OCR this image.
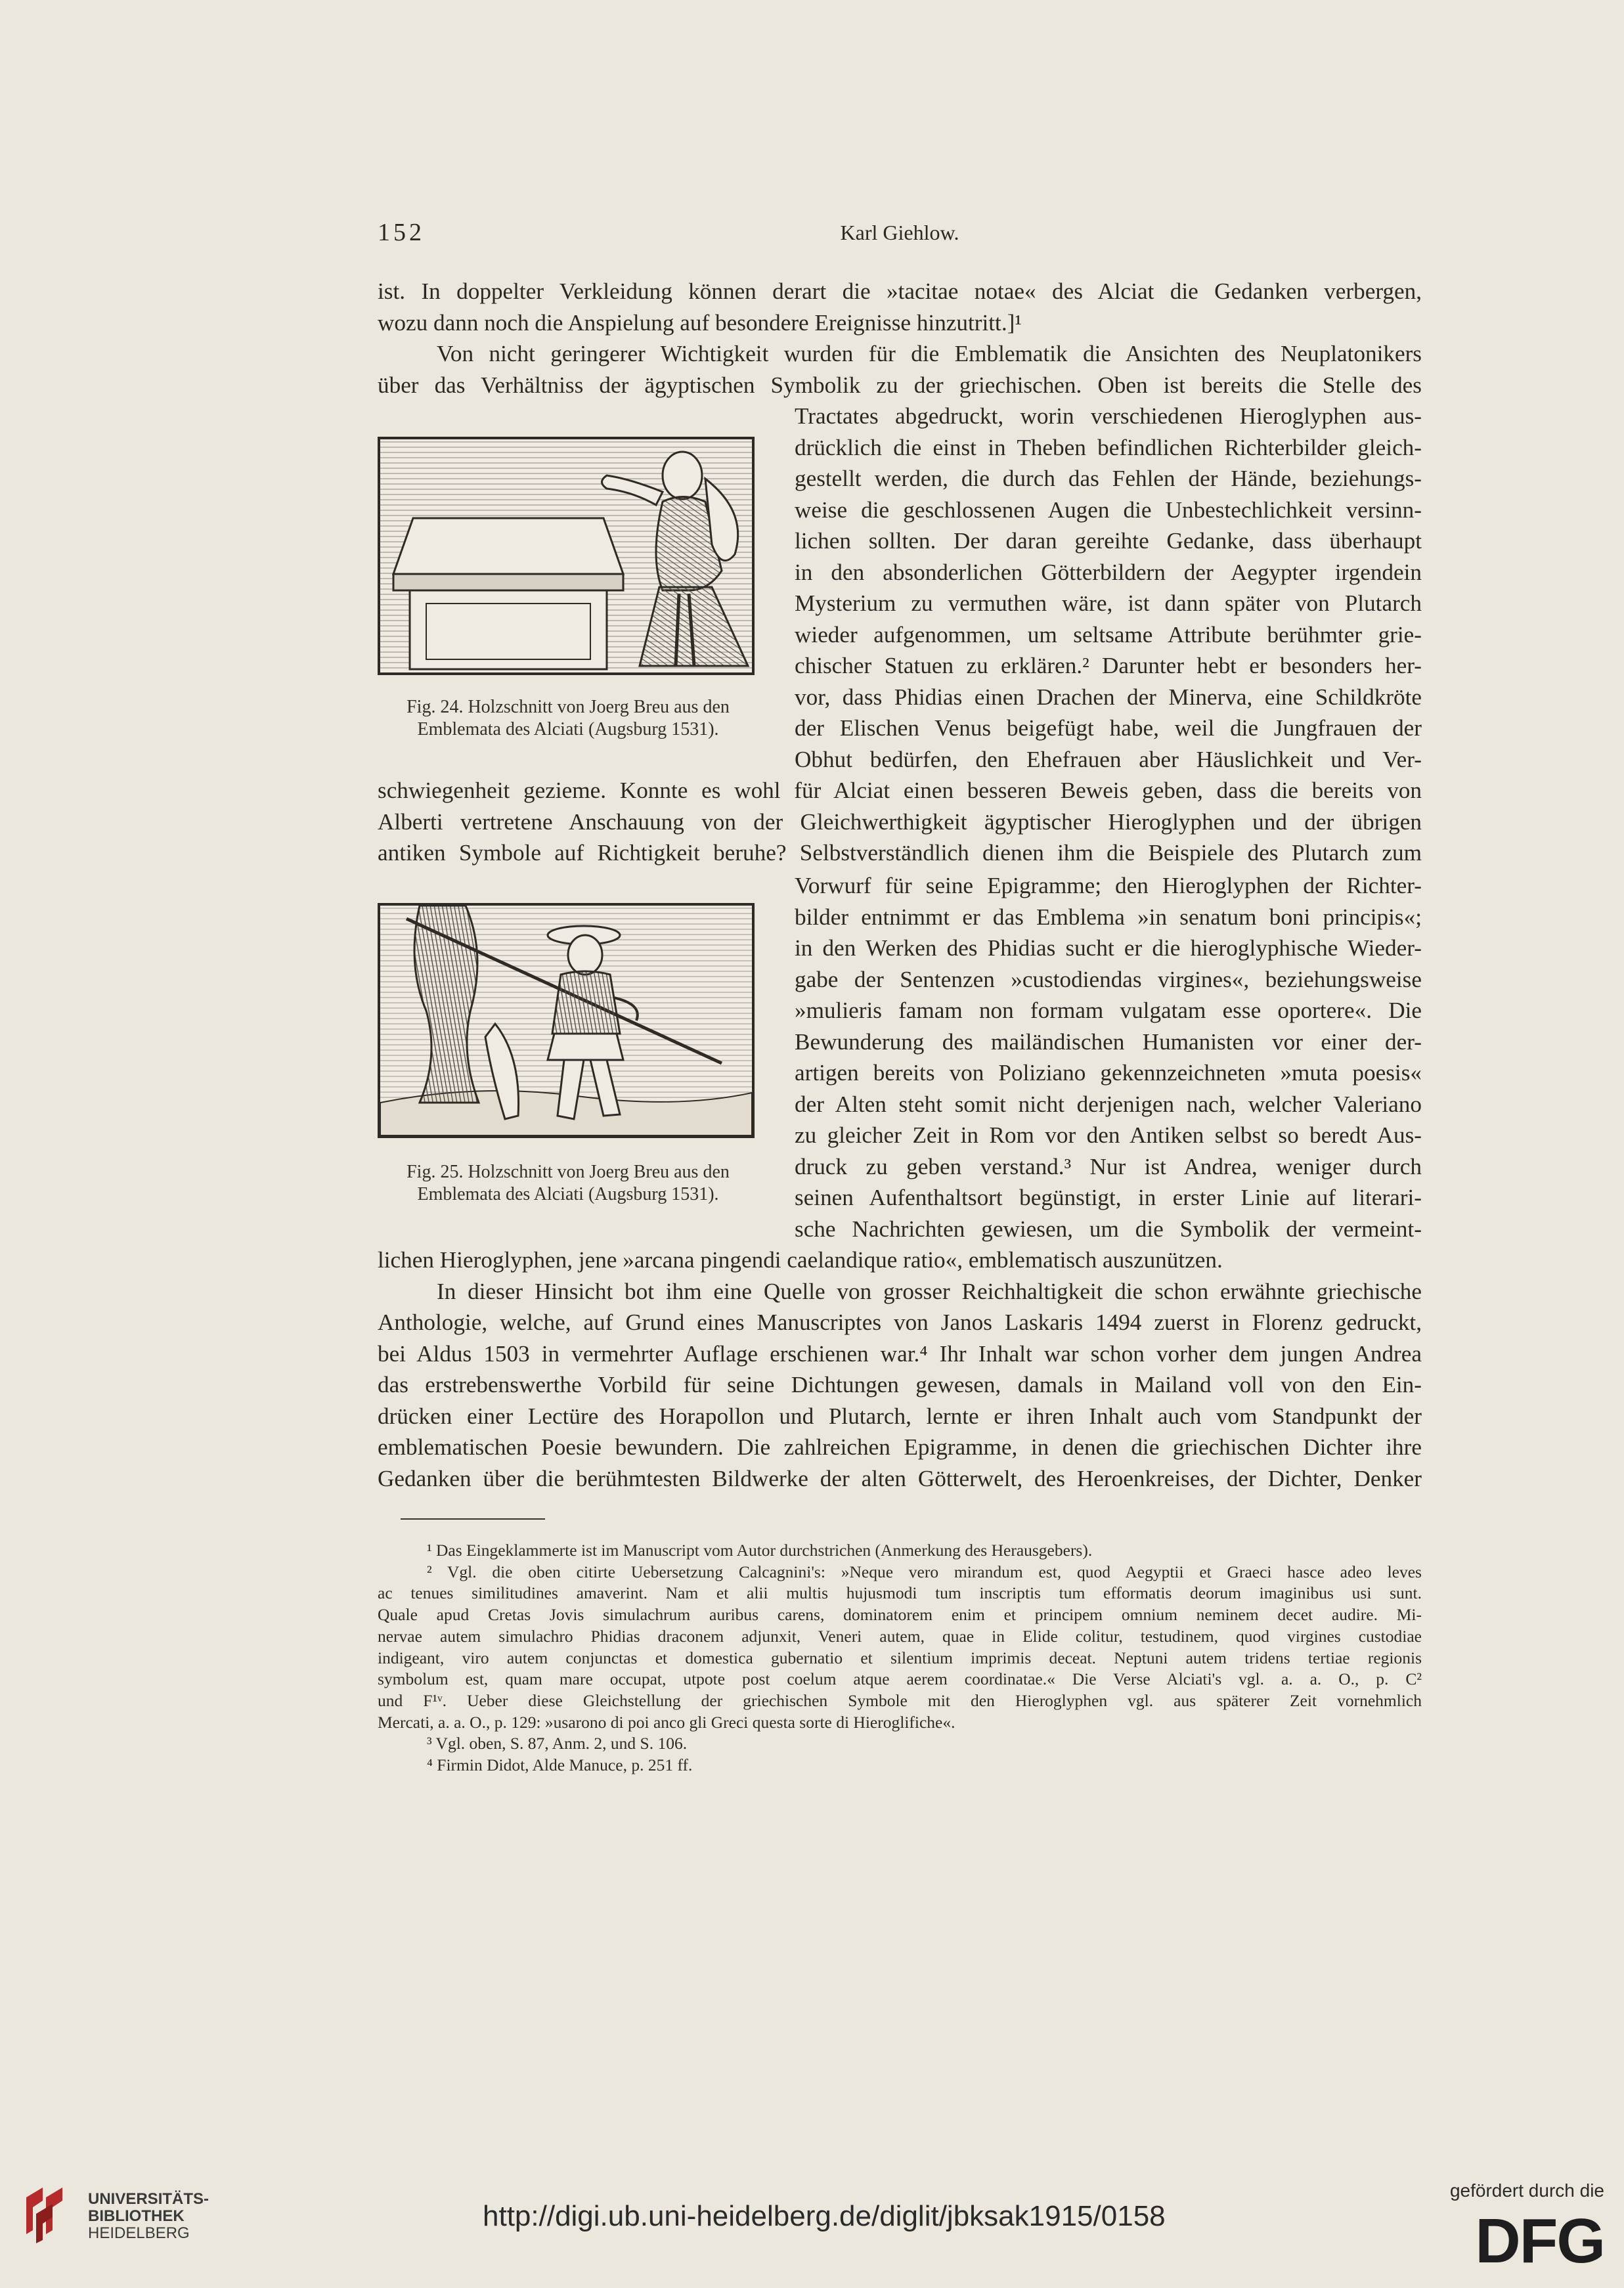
152	Karl Giehlow.
ist. In doppelter Verkleidung können derart die »tacitae notae« des Alciat die Gedanken verbergen,
wozu dann noch die Anspielung auf besondere Ereignisse hinzutritt.]¹
Von nicht geringerer Wichtigkeit wurden für die Emblematik die Ansichten des Neuplatonikers
über das Verhältniss der ägyptischen Symbolik zu der griechischen. Oben ist bereits die Stelle des
Fig. 24. Holzschnitt von Joerg Breu aus den
Emblemata des Alciati (Augsburg 1531).
Tractates abgedruckt, worin verschiedenen Hieroglyphen aus-
drücklich die einst in Theben befindlichen Richterbilder gleich-
gestellt werden, die durch das Fehlen der Hände, beziehungs-
weise die geschlossenen Augen die Unbestechlichkeit versinn-
lichen sollten. Der daran gereihte Gedanke, dass überhaupt
in den absonderlichen Götterbildern der Aegypter irgendein
Mysterium zu vermuthen wäre, ist dann später von Plutarch
wieder aufgenommen, um seltsame Attribute berühmter grie-
chischer Statuen zu erklären.² Darunter hebt er besonders her-
vor, dass Phidias einen Drachen der Minerva, eine Schildkröte
der Elischen Venus beigefügt habe, weil die Jungfrauen der
Obhut bedürfen, den Ehefrauen aber Häuslichkeit und Ver-
schwiegenheit gezieme. Konnte es wohl für Alciat einen besseren Beweis geben, dass die bereits von
Alberti vertretene Anschauung von der Gleichwerthigkeit ägyptischer Hieroglyphen und der übrigen
antiken Symbole auf Richtigkeit beruhe? Selbstverständlich dienen ihm die Beispiele des Plutarch zum
Fig. 25. Holzschnitt von Joerg Breu aus den
Emblemata des Alciati (Augsburg 1531).
Vorwurf für seine Epigramme; den Hieroglyphen der Richter-
bilder entnimmt er das Emblema »in senatum boni principis«;
in den Werken des Phidias sucht er die hieroglyphische Wieder-
gabe der Sentenzen »custodiendas virgines«, beziehungsweise
»mulieris famam non formam vulgatam esse oportere«. Die
Bewunderung des mailändischen Humanisten vor einer der-
artigen bereits von Poliziano gekennzeichneten »muta poesis«
der Alten steht somit nicht derjenigen nach, welcher Valeriano
zu gleicher Zeit in Rom vor den Antiken selbst so beredt Aus-
druck zu geben verstand.³ Nur ist Andrea, weniger durch
seinen Aufenthaltsort begünstigt, in erster Linie auf literari-
sche Nachrichten gewiesen, um die Symbolik der vermeint-
lichen Hieroglyphen, jene »arcana pingendi caelandique ratio«, emblematisch auszunützen.
In dieser Hinsicht bot ihm eine Quelle von grosser Reichhaltigkeit die schon erwähnte griechische
Anthologie, welche, auf Grund eines Manuscriptes von Janos Laskaris 1494 zuerst in Florenz gedruckt,
bei Aldus 1503 in vermehrter Auflage erschienen war.⁴ Ihr Inhalt war schon vorher dem jungen Andrea
das erstrebenswerthe Vorbild für seine Dichtungen gewesen, damals in Mailand voll von den Ein-
drücken einer Lectüre des Horapollon und Plutarch, lernte er ihren Inhalt auch vom Standpunkt der
emblematischen Poesie bewundern. Die zahlreichen Epigramme, in denen die griechischen Dichter ihre
Gedanken über die berühmtesten Bildwerke der alten Götterwelt, des Heroenkreises, der Dichter, Denker
¹ Das Eingeklammerte ist im Manuscript vom Autor durchstrichen (Anmerkung des Herausgebers).
² Vgl. die oben citirte Uebersetzung Calcagnini's: »Neque vero mirandum est, quod Aegyptii et Graeci hasce adeo leves
ac tenues similitudines amaverint. Nam et alii multis hujusmodi tum inscriptis tum efformatis deorum imaginibus usi sunt.
Quale apud Cretas Jovis simulachrum auribus carens, dominatorem enim et principem omnium neminem decet audire. Mi-
nervae autem simulachro Phidias draconem adjunxit, Veneri autem, quae in Elide colitur, testudinem, quod virgines custodiae
indigeant, viro autem conjunctas et domestica gubernatio et silentium imprimis deceat. Neptuni autem tridens tertiae regionis
symbolum est, quam mare occupat, utpote post coelum atque aerem coordinatae.« Die Verse Alciati's vgl. a. a. O., p. C²
und F¹ᵛ. Ueber diese Gleichstellung der griechischen Symbole mit den Hieroglyphen vgl. aus späterer Zeit vornehmlich
Mercati, a. a. O., p. 129: »usarono di poi anco gli Greci questa sorte di Hieroglifiche«.
³ Vgl. oben, S. 87, Anm. 2, und S. 106.
⁴ Firmin Didot, Alde Manuce, p. 251 ff.
UNIVERSITÄTS-
BIBLIOTHEK
HEIDELBERG
http://digi.ub.uni-heidelberg.de/diglit/jbksak1915/0158
gefördert durch die
DFG
